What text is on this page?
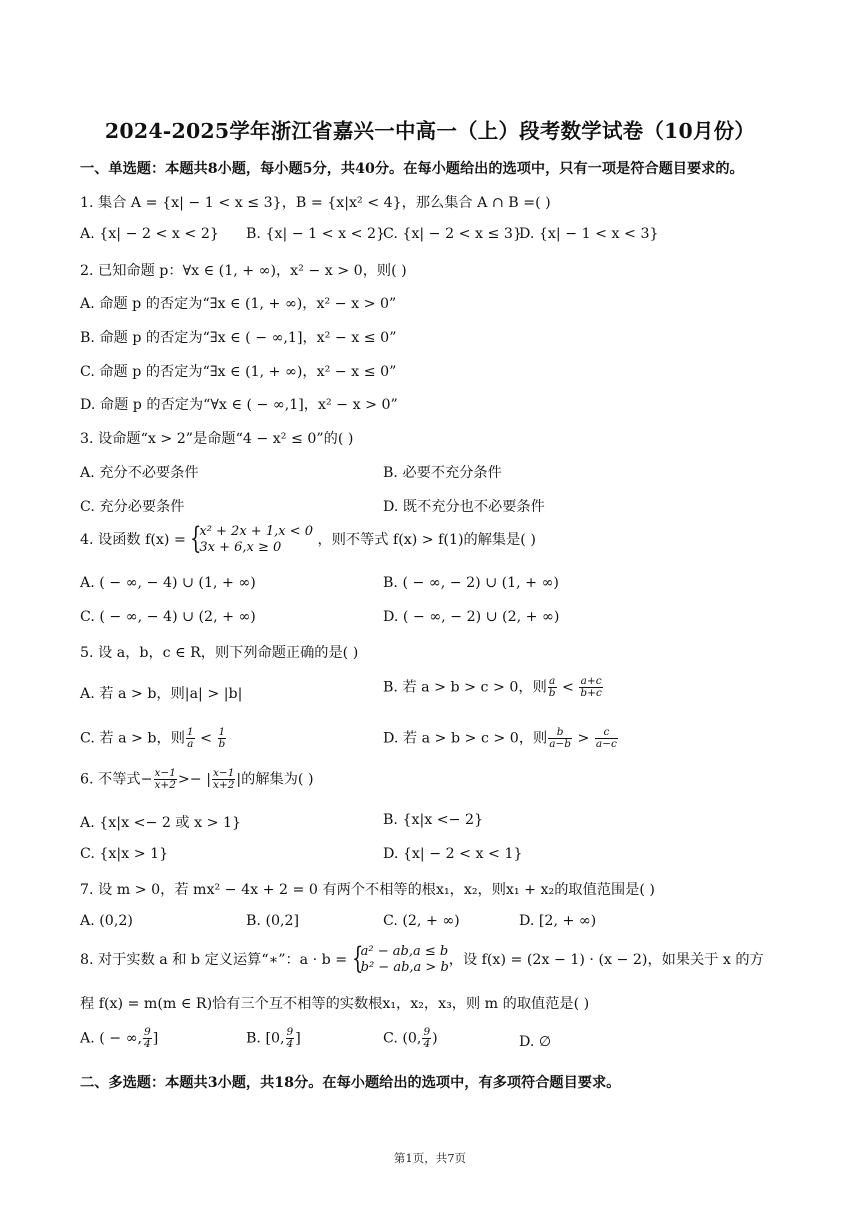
2024-2025学年浙江省嘉兴一中高一（上）段考数学试卷（10月份）
一、单选题：本题共8小题，每小题5分，共40分。在每小题给出的选项中，只有一项是符合题目要求的。
1. 集合 A = {x| − 1 < x ≤ 3}，B = {x|x² < 4}，那么集合 A ∩ B =( )
A. {x| − 2 < x < 2} B. {x| − 1 < x < 2}
C. {x| − 2 < x ≤ 3}
D. {x| − 1 < x < 3}
2. 已知命题 p：∀x ∈ (1, + ∞)，x² − x > 0，则( )
A. 命题 p 的否定为“∃x ∈ (1, + ∞)，x² − x > 0”
B. 命题 p 的否定为“∃x ∈ ( − ∞,1]，x² − x ≤ 0”
C. 命题 p 的否定为“∃x ∈ (1, + ∞)，x² − x ≤ 0”
D. 命题 p 的否定为“∀x ∈ ( − ∞,1]，x² − x > 0”
3. 设命题“x > 2”是命题“4 − x² ≤ 0”的( )
A. 充分不必要条件	B. 必要不充分条件
C. 充分必要条件	D. 既不充分也不必要条件
4. 设函数 f(x) = {
x² + 2x + 1,x < 0
3x + 6,x ≥ 0	，则不等式 f(x) > f(1)的解集是( )
A. ( − ∞, − 4) ∪ (1, + ∞)	B. ( − ∞, − 2) ∪ (1, + ∞)
C. ( − ∞, − 4) ∪ (2, + ∞)	D. ( − ∞, − 2) ∪ (2, + ∞)
5. 设 a，b，c ∈ R，则下列命题正确的是( )
A. 若 a > b，则|a| > |b|	B. 若 a > b > c > 0，则 $\frac{a}{b} < \frac{a+c}{b+c}$
C. 若 a > b，则 $\frac{1}{a} < \frac{1}{b}$	D. 若 a > b > c > 0，则 $\frac{b}{a-b} > \frac{c}{a-c}$
6. 不等式− $\frac{x-1}{x+2}$ >− | $\frac{x-1}{x+2}$ |的解集为( )
A. {x|x <− 2 或 x > 1}	B. {x|x <− 2}
C. {x|x > 1}	D. {x| − 2 < x < 1}
7. 设 m > 0，若 mx² − 4x + 2 = 0 有两个不相等的根x₁，x₂，则x₁ + x₂的取值范围是( )
A. (0,2)	B. (0,2]	C. (2, + ∞)	D. [2, + ∞)
8. 对于实数 a 和 b 定义运算“∗”：a · b = {
a² − ab,a ≤ b
b² − ab,a > b ，设 f(x) = (2x − 1) · (x − 2)，如果关于 x 的方
程 f(x) = m(m ∈ R)恰有三个互不相等的实数根x₁，x₂，x₃，则 m 的取值范是( )
A. ( − ∞, $\frac{9}{4}$ ]	B. [0, $\frac{9}{4}$ ]	C. (0, $\frac{9}{4}$ )	D. ∅
二、多选题：本题共3小题，共18分。在每小题给出的选项中，有多项符合题目要求。
第1页，共7页
